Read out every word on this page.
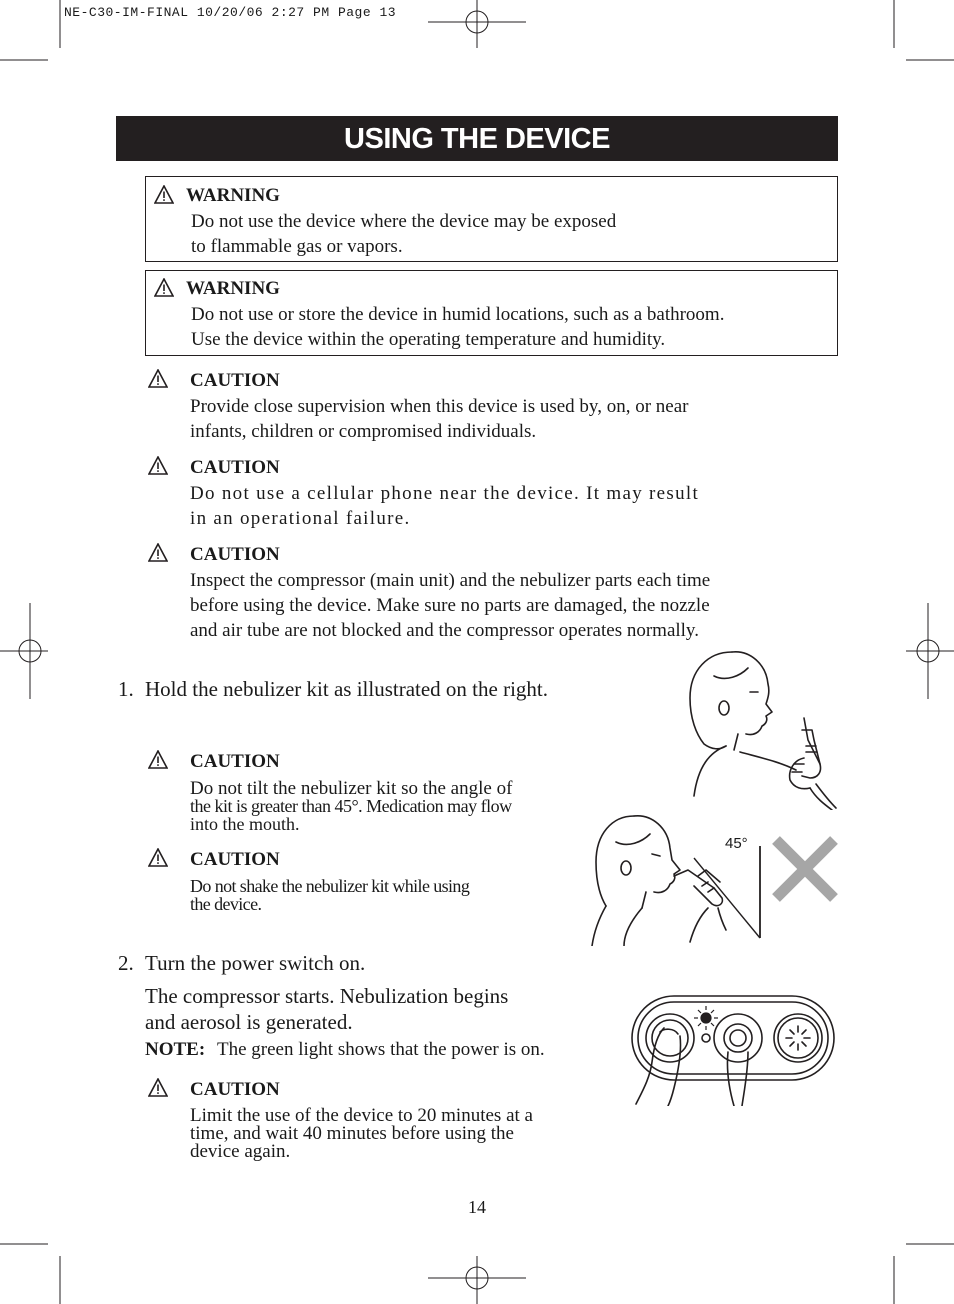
NE-C30-IM-FINAL 10/20/06 2:27 PM Page 13
USING THE DEVICE
WARNING
Do not use the device where the device may be exposed
to flammable gas or vapors.
WARNING
Do not use or store the device in humid locations, such as a bathroom.
Use the device within the operating temperature and humidity.
CAUTION
Provide close supervision when this device is used by, on, or near
infants, children or compromised individuals.
CAUTION
Do not use a cellular phone near the device. It may result
in an operational failure.
CAUTION
Inspect the compressor (main unit) and the nebulizer parts each time
before using the device. Make sure no parts are damaged, the nozzle
and air tube are not blocked and the compressor operates normally.
1. Hold the nebulizer kit as illustrated on the right.
CAUTION
Do not tilt the nebulizer kit so the angle of
the kit is greater than 45°. Medication may flow
into the mouth.
CAUTION
Do not shake the nebulizer kit while using
the device.
45°
2. Turn the power switch on.
The compressor starts. Nebulization begins
and aerosol is generated.
NOTE: The green light shows that the power is on.
CAUTION
Limit the use of the device to 20 minutes at a
time, and wait 40 minutes before using the
device again.
14
